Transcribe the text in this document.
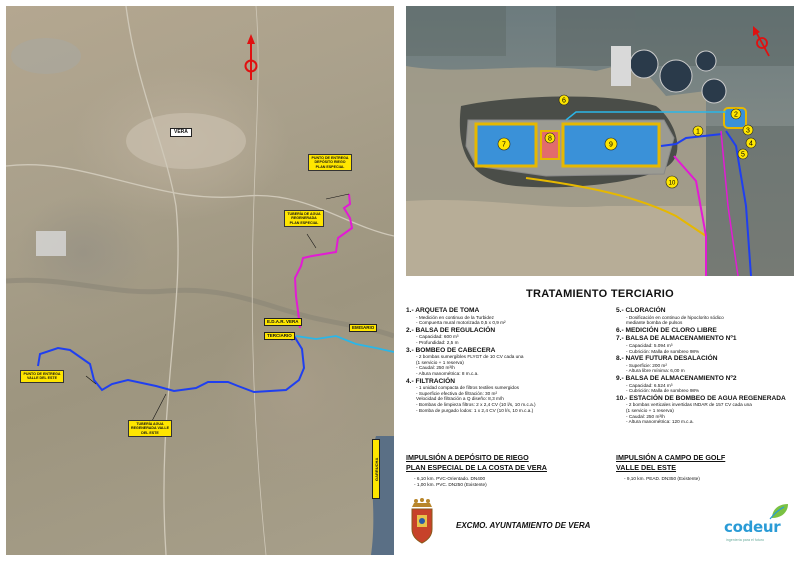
VERA
PUNTO DE ENTREGA DEPÓSITO RIEGO PLAN ESPECIAL
TUBERÍA DE AGUA REGENERADA PLAN ESPECIAL
E.D.A.R. VERA
TERCIARIO
EMISARIO
PUNTO DE ENTREGA VALLE DEL ESTE
TUBERÍA AGUA REGENERADA VALLE DEL ESTE
GARRUCHA
1
2
3
4
5
6
7
8
9
10
TRATAMIENTO TERCIARIO
1.- ARQUETA DE TOMA
- Medición en continuo de la Turbidez
- Compuerta mural motorizada 0,5 x 0,9 m²
2.- BALSA DE REGULACIÓN
- Capacidad: 600 m³
- Profundidad: 2,5 m
3.- BOMBEO DE CABECERA
- 2 bombas sumergibles FLYGT de 10 CV cada una
(1 servicio + 1 reserva)
- Caudal: 250 m³/h
- Altura manométrica: 8 m.c.a.
4.- FILTRACIÓN
- 1 unidad compacta de filtros textiles sumergidos
- Superficie efectiva de filtración: 30 m²
Velocidad de filtración a Q diseño: 8,3 m/h
- Bombas de limpieza filtros: 2 x 2,4 CV (10 l/s, 10 m.c.a.)
- Bomba de purgado lodos: 1 x 2,4 CV (10 l/s, 10 m.c.a.)
5.- CLORACIÓN
- Dosificación en continuo de hipoclorito sódico
mediante bomba de pulsos
6.- MEDICIÓN DE CLORO LIBRE
7.- BALSA DE ALMACENAMIENTO Nº1
- Capacidad: 5.094 m³
- Cubrición: Malla de sombreo 98%
8.- NAVE FUTURA DESALACIÓN
- Superficie: 200 m²
- Altura libre mínima: 6,00 m
9.- BALSA DE ALMACENAMIENTO Nº2
- Capacidad: 6.524 m³
- Cubrición: Malla de sombreo 98%
10.- ESTACIÓN DE BOMBEO DE AGUA REGENERADA
- 2 bombas verticales invertidas INDAR de 157 CV cada una
(1 servicio + 1 reserva)
- Caudal: 250 m³/h
- Altura manométrica: 120 m.c.a.
IMPULSIÓN A DEPÓSITO DE RIEGO
PLAN ESPECIAL DE LA COSTA DE VERA
- 6,10 km. PVC-Orientado. DN400
- 1,00 km. PVC. DN250 (Existente)
IMPULSIÓN A CAMPO DE GOLF
VALLE DEL ESTE
- 9,10 km. PEAD. DN350 (Existente)
EXCMO. AYUNTAMIENTO DE VERA	codeur
ingeniería para el futuro
